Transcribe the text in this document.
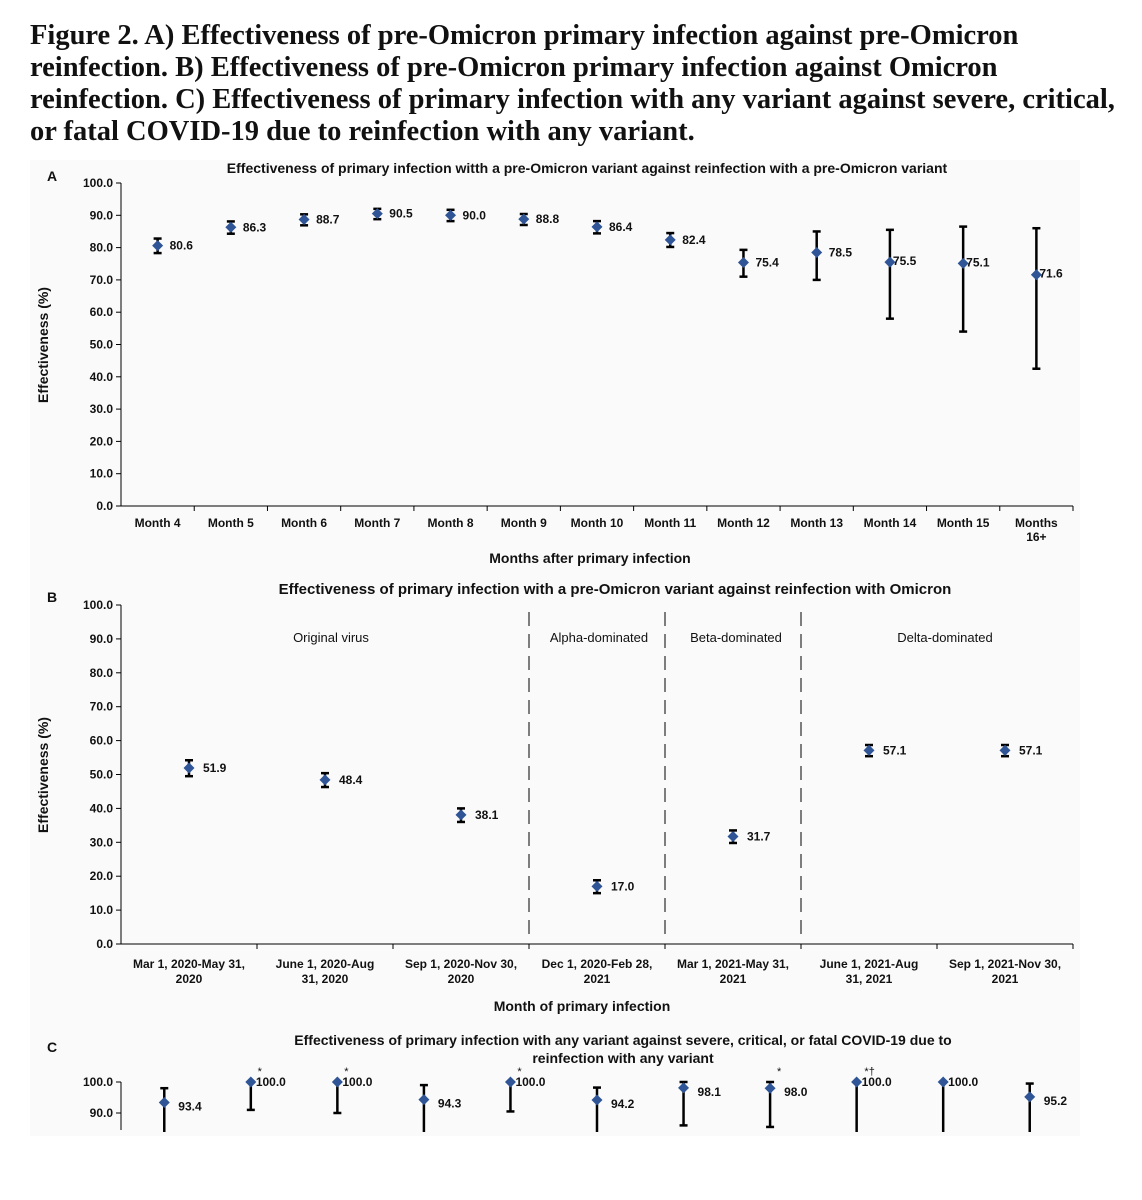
Figure 2. A) Effectiveness of pre-Omicron primary infection against pre-Omicron
reinfection. B) Effectiveness of pre-Omicron primary infection against Omicron
reinfection. C) Effectiveness of primary infection with any variant against severe, critical,
or fatal COVID-19 due to reinfection with any variant.
A	Effectiveness of primary infection witth a pre-Omicron variant against reinfection with a pre-Omicron variant
0.0
10.0
20.0
30.0
40.0
50.0
60.0
70.0
80.0
90.0
100.0
Effectiveness (%)
Month 4
80.6
Month 5
86.3
Month 6
88.7
Month 7
90.5
Month 8
90.0
Month 9
88.8
Month 10
86.4
Month 11
82.4
Month 12
75.4
Month 13
78.5
Month 14
75.5
Month 15
75.1
Months
16+
71.6
Months after primary infection
B	Effectiveness of primary infection with a pre-Omicron variant against reinfection with Omicron
0.0
10.0
20.0
30.0
40.0
50.0
60.0
70.0
80.0
90.0
100.0
Effectiveness (%)
Original virus	Alpha-dominated	Beta-dominated	Delta-dominated
Mar 1, 2020-May 31,
2020
51.9
June 1, 2020-Aug
31, 2020
48.4
Sep 1, 2020-Nov 30,
2020
38.1
Dec 1, 2020-Feb 28,
2021
17.0
Mar 1, 2021-May 31,
2021
31.7
June 1, 2021-Aug
31, 2021
57.1
Sep 1, 2021-Nov 30,
2021
57.1
Month of primary infection
C	Effectiveness of primary infection with any variant against severe, critical, or fatal COVID-19 due to
reinfection with any variant
90.0
100.0
93.4
100.0
*
100.0
*
94.3
100.0
*
94.2
98.1	98.0
*
100.0
*†
100.0
95.2
